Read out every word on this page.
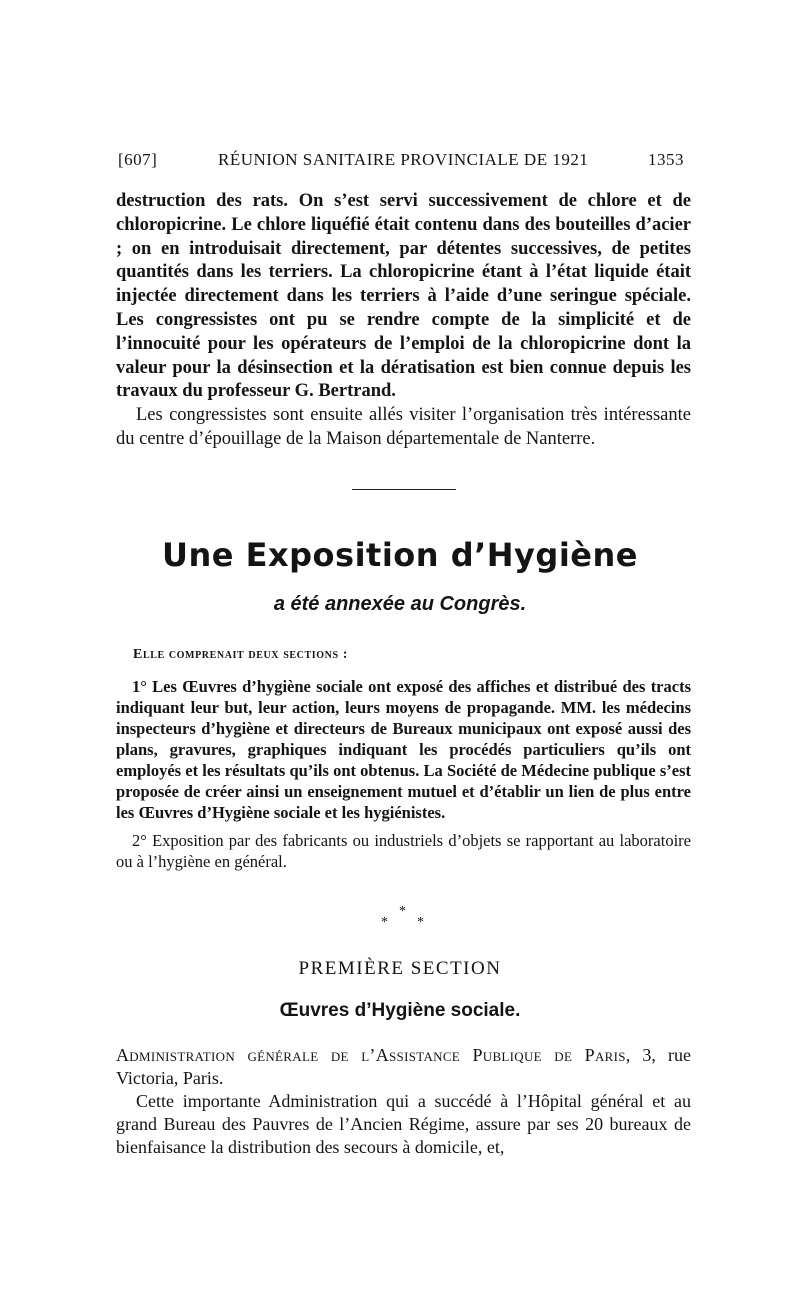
[607]	RÉUNION SANITAIRE PROVINCIALE DE 1921	1353

destruction des rats. On s’est servi successivement de chlore et de chloropicrine. Le chlore liquéfié était contenu dans des bouteilles d’acier ; on en introduisait directement, par détentes successives, de petites quantités dans les terriers. La chloropicrine étant à l’état liquide était injectée directement dans les terriers à l’aide d’une seringue spéciale. Les congressistes ont pu se rendre compte de la simplicité et de l’innocuité pour les opérateurs de l’emploi de la chloropicrine dont la valeur pour la désinsection et la dératisation est bien connue depuis les travaux du professeur G. Bertrand.

Les congressistes sont ensuite allés visiter l’organisation très intéressante du centre d’épouillage de la Maison départementale de Nanterre.

Une Exposition d’Hygiène
a été annexée au Congrès.
Elle comprenait deux sections :

1° Les Œuvres d’hygiène sociale ont exposé des affiches et distribué des tracts indiquant leur but, leur action, leurs moyens de propagande. MM. les médecins inspecteurs d’hygiène et directeurs de Bureaux municipaux ont exposé aussi des plans, gravures, graphiques indiquant les procédés particuliers qu’ils ont employés et les résultats qu’ils ont obtenus. La Société de Médecine publique s’est proposée de créer ainsi un enseignement mutuel et d’établir un lien de plus entre les Œuvres d’Hygiène sociale et les hygiénistes.

2° Exposition par des fabricants ou industriels d’objets se rapportant au laboratoire ou à l’hygiène en général.

*
* *
PREMIÈRE SECTION
Œuvres d’Hygiène sociale.

Administration générale de l’Assistance Publique de Paris, 3, rue Victoria, Paris.

Cette importante Administration qui a succédé à l’Hôpital général et au grand Bureau des Pauvres de l’Ancien Régime, assure par ses 20 bureaux de bienfaisance la distribution des secours à domicile, et,
